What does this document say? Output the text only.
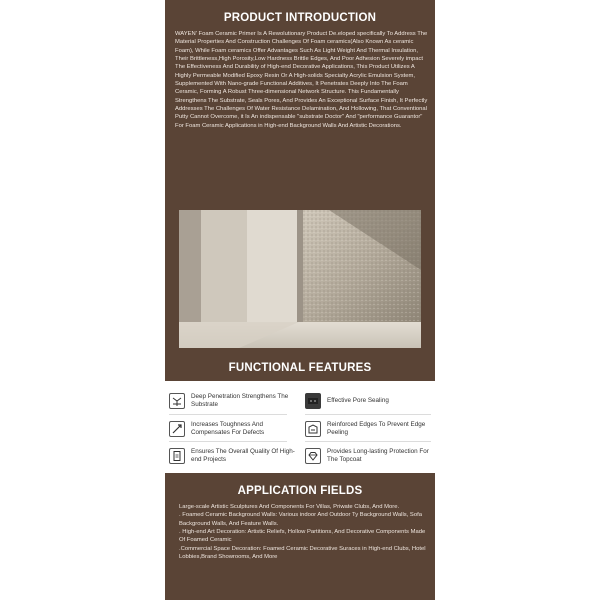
PRODUCT INTRODUCTION
WAYEN' Foam Ceramic Primer Is A Rewolutionary Product De.eloped specifically To Address The Material Properties And Construction Challenges Of Foam ceramics(Also Known As ceramic Foam), While Foam ceramics Offer Advantages Such As Light Weight And Thermal Insulation, Their Brittleness,High Porosity,Low Hardness Brittle Edges, And Poor Adhesion Severely impact The Effectiveness And Durability of High-end Decorative Applications, This Product Utilizes A Highly Permeable Modified Epoxy Resin Or A High-solids Specialty Acrylic Emulsion System, Supplemented With Nano-grade Functional Additives, It Penetrates Deeply Into The Foam Ceramic, Forming A Robust Three-dimensional Network Structure. This Fundamentally Strengthens The Substrate, Seals Pores, And Provides An Exceptional Surface Finish, It Perfectly Addresses The Challenges Of Water Resistance Delamination, And Hollowing, That Conventional Putty Cannot Overcome, it Is An indispensable "substrate Doctor" And "performance Guarantor" For Foam Ceramic Applications in High-end Background Walls And Artistic Decorations.
FUNCTIONAL FEATURES
Deep Penetration Strengthens The Substrate
Effective Pore Sealing
Increases Toughness And Compensates For Defects
Reinforced Edges To Prevent Edge Peeling
Ensures The Overall Quality Of High-end Projects
Provides Long-lasting Protection For The Topcoat
APPLICATION FIELDS

Large-scale Artistic Sculptures And Components For Villas, Priwate Clubs, And More.

. Foamed Ceramic Background Walls: Various indoor And Outdoor Ty Background Walls, Sofa Background Walls, And Feature Walls.

. High-end Art Decoration: Artistic Reliefs, Hollow Partitions, And Decorative Components Made Of Foamed Ceramic

.Commercial Space Decoration: Foamed Ceramic Decorative Suraces in High-end Clubs, Hotel Lobbies,Brand Showrooms, And More
